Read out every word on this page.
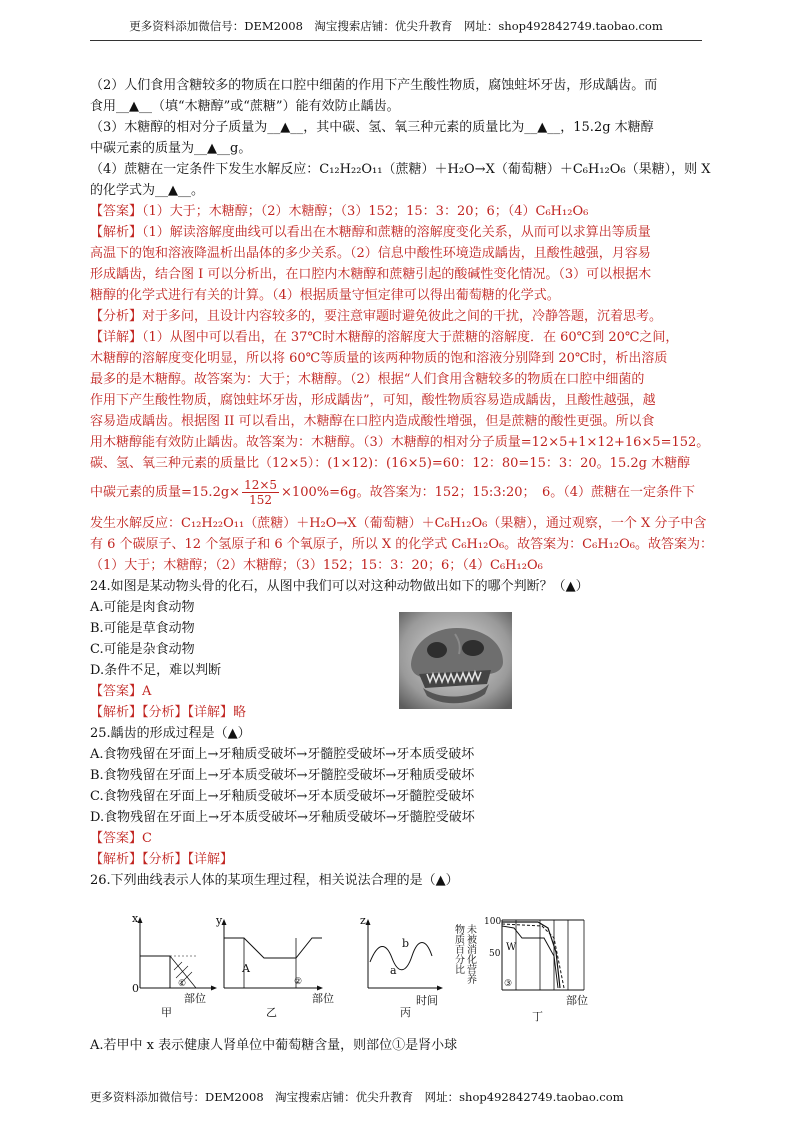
更多资料添加微信号：DEM2008　淘宝搜索店铺：优尖升教育　网址：shop492842749.taobao.com
（2）人们食用含糖较多的物质在口腔中细菌的作用下产生酸性物质，腐蚀蛀坏牙齿，形成龋齿。而
食用__▲__（填“木糖醇”或“蔗糖”）能有效防止龋齿。
（3）木糖醇的相对分子质量为__▲__，其中碳、氢、氧三种元素的质量比为__▲__，15.2g 木糖醇
中碳元素的质量为__▲__g。
（4）蔗糖在一定条件下发生水解反应：C₁₂H₂₂O₁₁（蔗糖）＋H₂O→X（葡萄糖）＋C₆H₁₂O₆（果糖），则 X
的化学式为__▲__。
【答案】（1）大于；木糖醇；（2）木糖醇；（3）152；15：3：20；6；（4）C₆H₁₂O₆
【解析】（1）解读溶解度曲线可以看出在木糖醇和蔗糖的溶解度变化关系，从而可以求算出等质量
高温下的饱和溶液降温析出晶体的多少关系。（2）信息中酸性环境造成龋齿，且酸性越强，月容易
形成龋齿，结合图 I 可以分析出，在口腔内木糖醇和蔗糖引起的酸碱性变化情况。（3）可以根据木
糖醇的化学式进行有关的计算。（4）根据质量守恒定律可以得出葡萄糖的化学式。
【分析】对于多问，且设计内容较多的，要注意审题时避免彼此之间的干扰，冷静答题，沉着思考。
【详解】（1）从图中可以看出，在 37℃时木糖醇的溶解度大于蔗糖的溶解度．在 60℃到 20℃之间，
木糖醇的溶解度变化明显，所以将 60℃等质量的该两种物质的饱和溶液分别降到 20℃时，析出溶质
最多的是木糖醇。故答案为：大于；木糖醇。（2）根据“人们食用含糖较多的物质在口腔中细菌的
作用下产生酸性物质，腐蚀蛀坏牙齿，形成龋齿”，可知，酸性物质容易造成龋齿，且酸性越强，越
容易造成龋齿。根据图 II 可以看出，木糖醇在口腔内造成酸性增强，但是蔗糖的酸性更强。所以食
用木糖醇能有效防止龋齿。故答案为：木糖醇。（3）木糖醇的相对分子质量=12×5+1×12+16×5=152。
碳、氢、氧三种元素的质量比（12×5）：(1×12)：(16×5)=60：12：80=15：3：20。15.2g 木糖醇
中碳元素的质量$=15.2g\times \frac{12\times 5}{152} \times 100\%=6g$。故答案为：152；15:3:20；　6。（4）蔗糖在一定条件下
发生水解反应：C₁₂H₂₂O₁₁（蔗糖）＋H₂O→X（葡萄糖）＋C₆H₁₂O₆（果糖），通过观察，一个 X 分子中含
有 6 个碳原子、12 个氢原子和 6 个氧原子，所以 X 的化学式 C₆H₁₂O₆。故答案为：C₆H₁₂O₆。故答案为：
（1）大于；木糖醇；（2）木糖醇；（3）152；15：3：20；6；（4）C₆H₁₂O₆
24.如图是某动物头骨的化石，从图中我们可以对这种动物做出如下的哪个判断？（▲）
A.可能是肉食动物
B.可能是草食动物
C.可能是杂食动物
D.条件不足，难以判断
【答案】A
【解析】【分析】【详解】略
25.龋齿的形成过程是（▲）
A.食物残留在牙面上→牙釉质受破坏→牙髓腔受破坏→牙本质受破坏
B.食物残留在牙面上→牙本质受破坏→牙髓腔受破坏→牙釉质受破坏
C.食物残留在牙面上→牙釉质受破坏→牙本质受破坏→牙髓腔受破坏
D.食物残留在牙面上→牙本质受破坏→牙釉质受破坏→牙髓腔受破坏
【答案】C
【解析】【分析】【详解】
26.下列曲线表示人体的某项生理过程，相关说法合理的是（▲）
x
0	①
部位
甲
y
A
②
部位
乙
z
a
b
时间
丙
物质百分比 未被消化营养
100
50
W
③
部位
丁
A.若甲中 x 表示健康人肾单位中葡萄糖含量，则部位①是肾小球
更多资料添加微信号：DEM2008　淘宝搜索店铺：优尖升教育　网址：shop492842749.taobao.com
